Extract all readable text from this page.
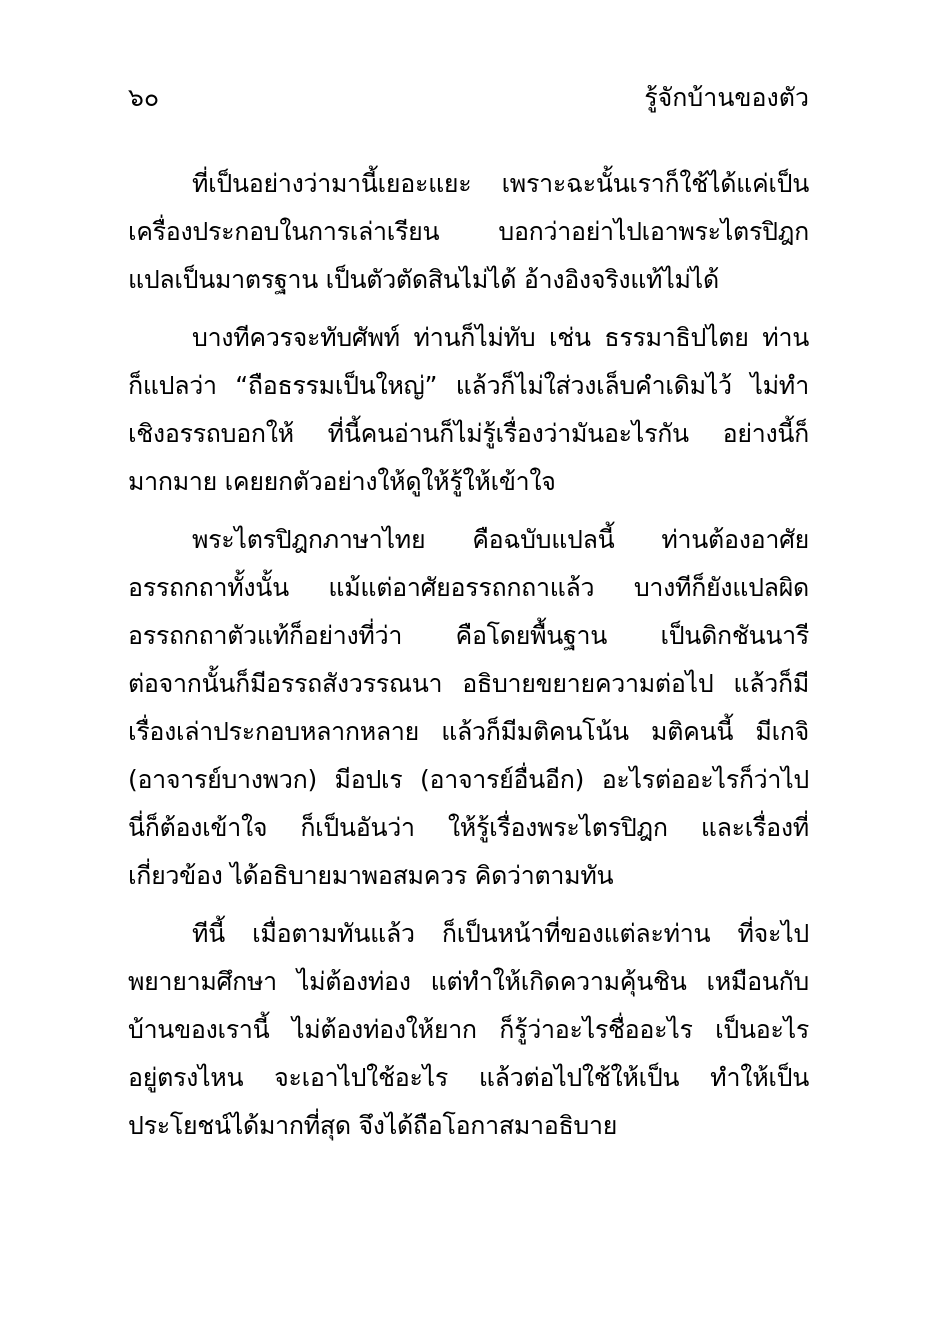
๖๐	รู้จักบ้านของตัว
ที่เป็นอย่างว่ามานี้เยอะแยะ เพราะฉะนั้นเราก็ใช้ได้แค่เป็น
เครื่องประกอบในการเล่าเรียน บอกว่าอย่าไปเอาพระไตรปิฎก
แปลเป็นมาตรฐาน เป็นตัวตัดสินไม่ได้ อ้างอิงจริงแท้ไม่ได้
บางทีควรจะทับศัพท์ ท่านก็ไม่ทับ เช่น ธรรมาธิปไตย ท่าน
ก็แปลว่า “ถือธรรมเป็นใหญ่” แล้วก็ไม่ใส่วงเล็บคำเดิมไว้ ไม่ทำ
เชิงอรรถบอกให้ ที่นี้คนอ่านก็ไม่รู้เรื่องว่ามันอะไรกัน อย่างนี้ก็
มากมาย เคยยกตัวอย่างให้ดูให้รู้ให้เข้าใจ
พระไตรปิฎกภาษาไทย คือฉบับแปลนี้ ท่านต้องอาศัย
อรรถกถาทั้งนั้น แม้แต่อาศัยอรรถกถาแล้ว บางทีก็ยังแปลผิด
อรรถกถาตัวแท้ก็อย่างที่ว่า คือโดยพื้นฐาน เป็นดิกชันนารี
ต่อจากนั้นก็มีอรรถสังวรรณนา อธิบายขยายความต่อไป แล้วก็มี
เรื่องเล่าประกอบหลากหลาย แล้วก็มีมติคนโน้น มติคนนี้ มีเกจิ
(อาจารย์บางพวก) มีอปเร (อาจารย์อื่นอีก) อะไรต่ออะไรก็ว่าไป
นี่ก็ต้องเข้าใจ ก็เป็นอันว่า ให้รู้เรื่องพระไตรปิฎก และเรื่องที่
เกี่ยวข้อง ได้อธิบายมาพอสมควร คิดว่าตามทัน
ทีนี้ เมื่อตามทันแล้ว ก็เป็นหน้าที่ของแต่ละท่าน ที่จะไป
พยายามศึกษา ไม่ต้องท่อง แต่ทำให้เกิดความคุ้นชิน เหมือนกับ
บ้านของเรานี้ ไม่ต้องท่องให้ยาก ก็รู้ว่าอะไรชื่ออะไร เป็นอะไร
อยู่ตรงไหน จะเอาไปใช้อะไร แล้วต่อไปใช้ให้เป็น ทำให้เป็น
ประโยชน์ได้มากที่สุด จึงได้ถือโอกาสมาอธิบาย
